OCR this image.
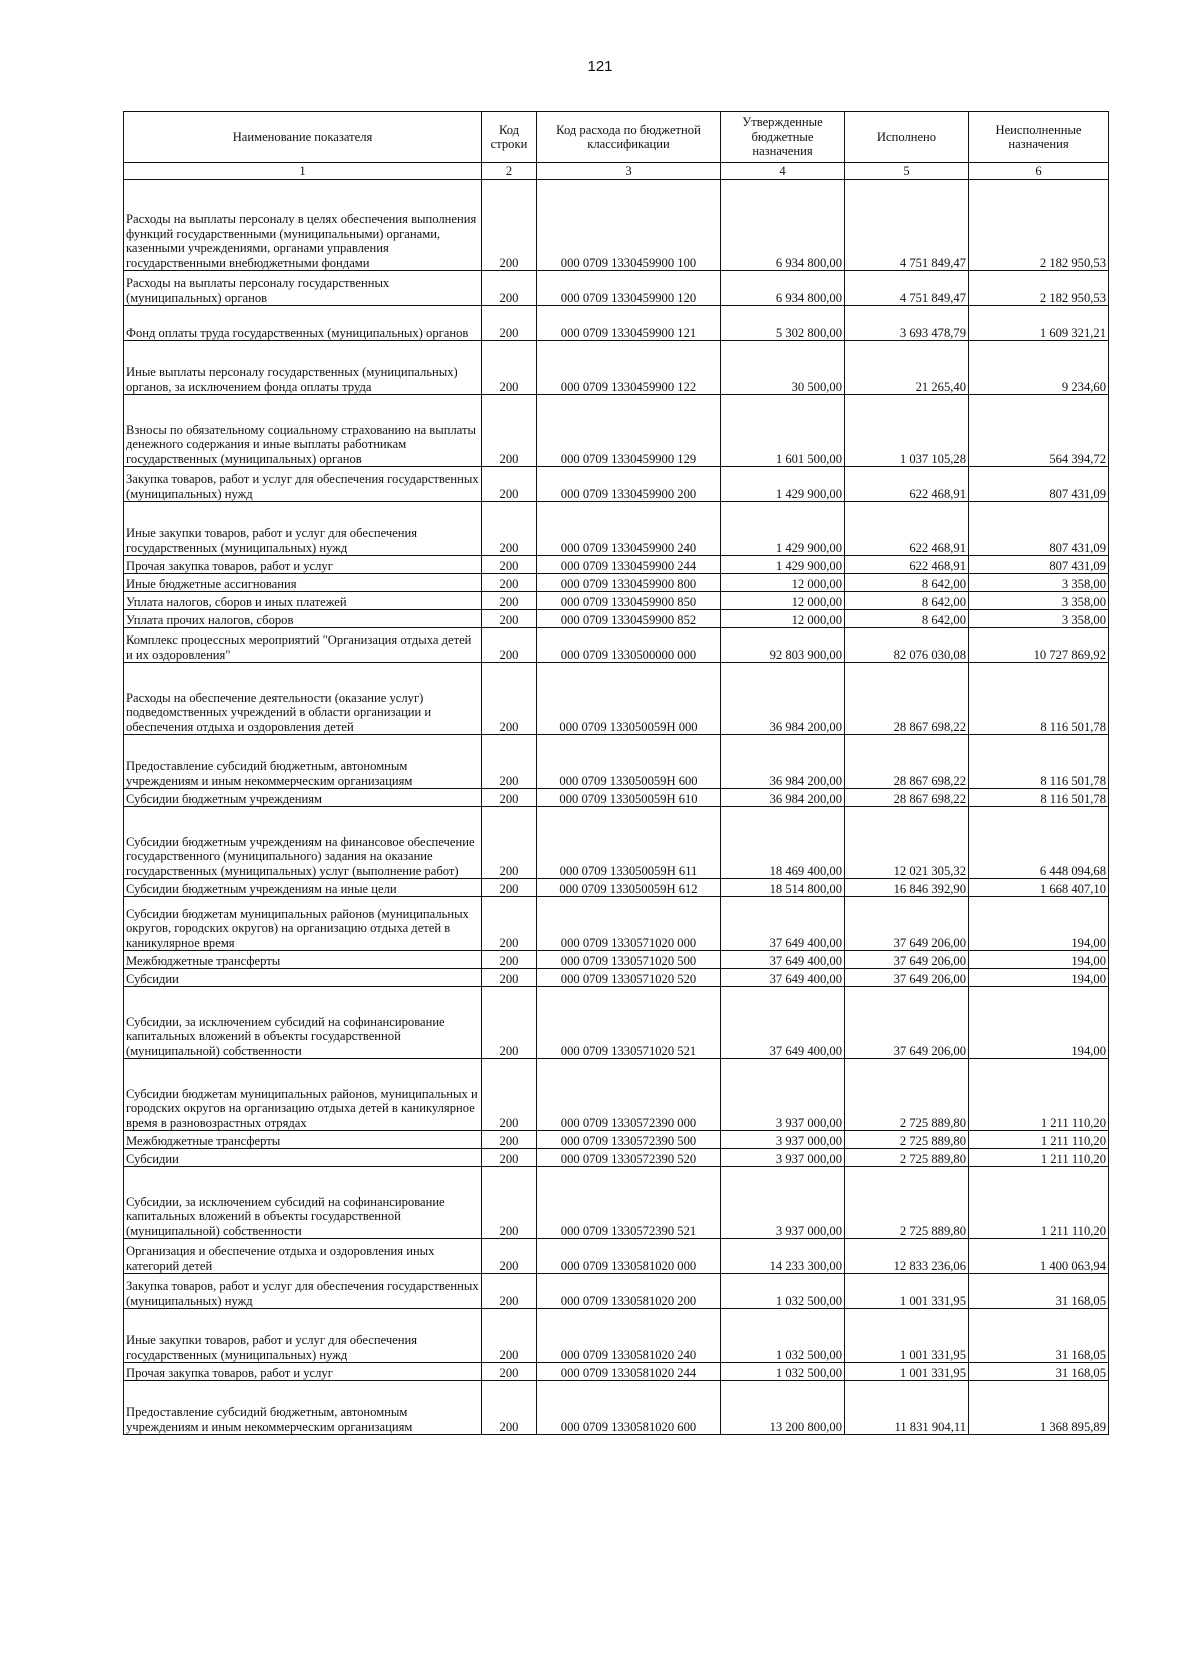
121
Наименование показателя	Код строки	Код расхода по бюджетной классификации	Утвержденные бюджетные назначения	Исполнено	Неисполненные назначения
1	2	3	4	5	6
Расходы на выплаты персоналу в целях обеспечения выполнения функций государственными (муниципальными) органами, казенными учреждениями, органами управления государственными внебюджетными фондами	200	000 0709 1330459900 100	6 934 800,00	4 751 849,47	2 182 950,53
Расходы на выплаты персоналу государственных (муниципальных) органов	200	000 0709 1330459900 120	6 934 800,00	4 751 849,47	2 182 950,53
Фонд оплаты труда государственных (муниципальных) органов	200	000 0709 1330459900 121	5 302 800,00	3 693 478,79	1 609 321,21
Иные выплаты персоналу государственных (муниципальных) органов, за исключением фонда оплаты труда	200	000 0709 1330459900 122	30 500,00	21 265,40	9 234,60
Взносы по обязательному социальному страхованию на выплаты денежного содержания и иные выплаты работникам государственных (муниципальных) органов	200	000 0709 1330459900 129	1 601 500,00	1 037 105,28	564 394,72
Закупка товаров, работ и услуг для обеспечения государственных (муниципальных) нужд	200	000 0709 1330459900 200	1 429 900,00	622 468,91	807 431,09
Иные закупки товаров, работ и услуг для обеспечения государственных (муниципальных) нужд	200	000 0709 1330459900 240	1 429 900,00	622 468,91	807 431,09
Прочая закупка товаров, работ и услуг	200	000 0709 1330459900 244	1 429 900,00	622 468,91	807 431,09
Иные бюджетные ассигнования	200	000 0709 1330459900 800	12 000,00	8 642,00	3 358,00
Уплата налогов, сборов и иных платежей	200	000 0709 1330459900 850	12 000,00	8 642,00	3 358,00
Уплата прочих налогов, сборов	200	000 0709 1330459900 852	12 000,00	8 642,00	3 358,00
Комплекс процессных мероприятий "Организация отдыха детей и их оздоровления"	200	000 0709 1330500000 000	92 803 900,00	82 076 030,08	10 727 869,92
Расходы на обеспечение деятельности (оказание услуг) подведомственных учреждений в области организации и обеспечения отдыха и оздоровления детей	200	000 0709 133050059Н 000	36 984 200,00	28 867 698,22	8 116 501,78
Предоставление субсидий бюджетным, автономным учреждениям и иным некоммерческим организациям	200	000 0709 133050059Н 600	36 984 200,00	28 867 698,22	8 116 501,78
Субсидии бюджетным учреждениям	200	000 0709 133050059Н 610	36 984 200,00	28 867 698,22	8 116 501,78
Субсидии бюджетным учреждениям на финансовое обеспечение государственного (муниципального) задания на оказание государственных (муниципальных) услуг (выполнение работ)	200	000 0709 133050059Н 611	18 469 400,00	12 021 305,32	6 448 094,68
Субсидии бюджетным учреждениям на иные цели	200	000 0709 133050059Н 612	18 514 800,00	16 846 392,90	1 668 407,10
Субсидии бюджетам муниципальных районов (муниципальных округов, городских округов) на организацию отдыха детей в каникулярное время	200	000 0709 1330571020 000	37 649 400,00	37 649 206,00	194,00
Межбюджетные трансферты	200	000 0709 1330571020 500	37 649 400,00	37 649 206,00	194,00
Субсидии	200	000 0709 1330571020 520	37 649 400,00	37 649 206,00	194,00
Субсидии, за исключением субсидий на софинансирование капитальных вложений в объекты государственной (муниципальной) собственности	200	000 0709 1330571020 521	37 649 400,00	37 649 206,00	194,00
Субсидии бюджетам муниципальных районов, муниципальных и городских округов на организацию отдыха детей в каникулярное время в разновозрастных отрядах	200	000 0709 1330572390 000	3 937 000,00	2 725 889,80	1 211 110,20
Межбюджетные трансферты	200	000 0709 1330572390 500	3 937 000,00	2 725 889,80	1 211 110,20
Субсидии	200	000 0709 1330572390 520	3 937 000,00	2 725 889,80	1 211 110,20
Субсидии, за исключением субсидий на софинансирование капитальных вложений в объекты государственной (муниципальной) собственности	200	000 0709 1330572390 521	3 937 000,00	2 725 889,80	1 211 110,20
Организация и обеспечение отдыха и оздоровления иных категорий детей	200	000 0709 1330581020 000	14 233 300,00	12 833 236,06	1 400 063,94
Закупка товаров, работ и услуг для обеспечения государственных (муниципальных) нужд	200	000 0709 1330581020 200	1 032 500,00	1 001 331,95	31 168,05
Иные закупки товаров, работ и услуг для обеспечения государственных (муниципальных) нужд	200	000 0709 1330581020 240	1 032 500,00	1 001 331,95	31 168,05
Прочая закупка товаров, работ и услуг	200	000 0709 1330581020 244	1 032 500,00	1 001 331,95	31 168,05
Предоставление субсидий бюджетным, автономным учреждениям и иным некоммерческим организациям	200	000 0709 1330581020 600	13 200 800,00	11 831 904,11	1 368 895,89
